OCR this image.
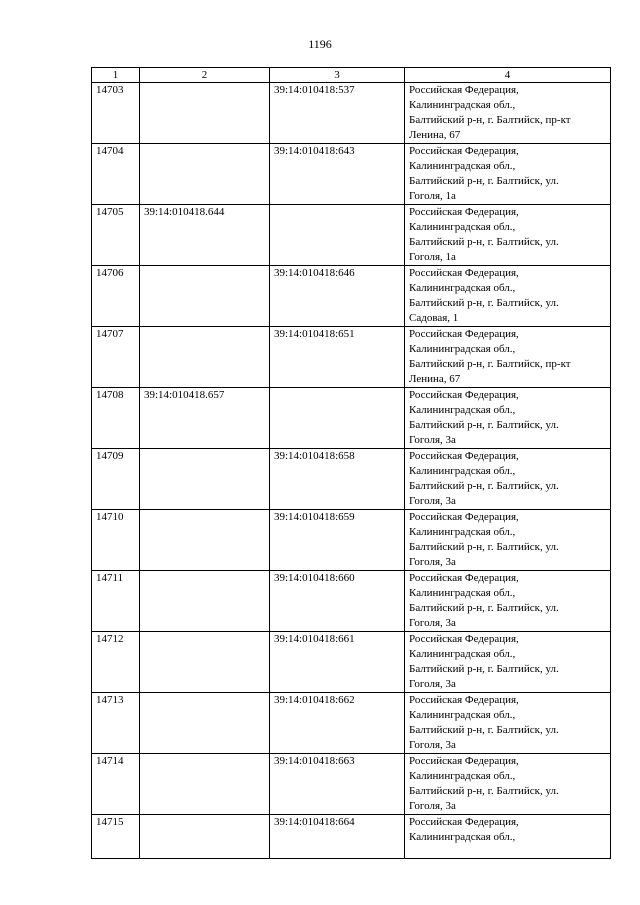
1196
1	2	3	4
14703		39:14:010418:537	Российская Федерация,
Калининградская обл.,
Балтийский р-н, г. Балтийск, пр-кт
Ленина, 67

14704		39:14:010418:643	Российская Федерация,
Калининградская обл.,
Балтийский р-н, г. Балтийск, ул.
Гоголя, 1а

14705	39:14:010418.644		Российская Федерация,
Калининградская обл.,
Балтийский р-н, г. Балтийск, ул.
Гоголя, 1а

14706		39:14:010418:646	Российская Федерация,
Калининградская обл.,
Балтийский р-н, г. Балтийск, ул.
Садовая, 1

14707		39:14:010418:651	Российская Федерация,
Калининградская обл.,
Балтийский р-н, г. Балтийск, пр-кт
Ленина, 67

14708	39:14:010418.657		Российская Федерация,
Калининградская обл.,
Балтийский р-н, г. Балтийск, ул.
Гоголя, 3а

14709		39:14:010418:658	Российская Федерация,
Калининградская обл.,
Балтийский р-н, г. Балтийск, ул.
Гоголя, 3а

14710		39:14:010418:659	Российская Федерация,
Калининградская обл.,
Балтийский р-н, г. Балтийск, ул.
Гоголя, 3а

14711		39:14:010418:660	Российская Федерация,
Калининградская обл.,
Балтийский р-н, г. Балтийск, ул.
Гоголя, 3а

14712		39:14:010418:661	Российская Федерация,
Калининградская обл.,
Балтийский р-н, г. Балтийск, ул.
Гоголя, 3а

14713		39:14:010418:662	Российская Федерация,
Калининградская обл.,
Балтийский р-н, г. Балтийск, ул.
Гоголя, 3а

14714		39:14:010418:663	Российская Федерация,
Калининградская обл.,
Балтийский р-н, г. Балтийск, ул.
Гоголя, 3а

14715		39:14:010418:664	Российская Федерация,
Калининградская обл.,
